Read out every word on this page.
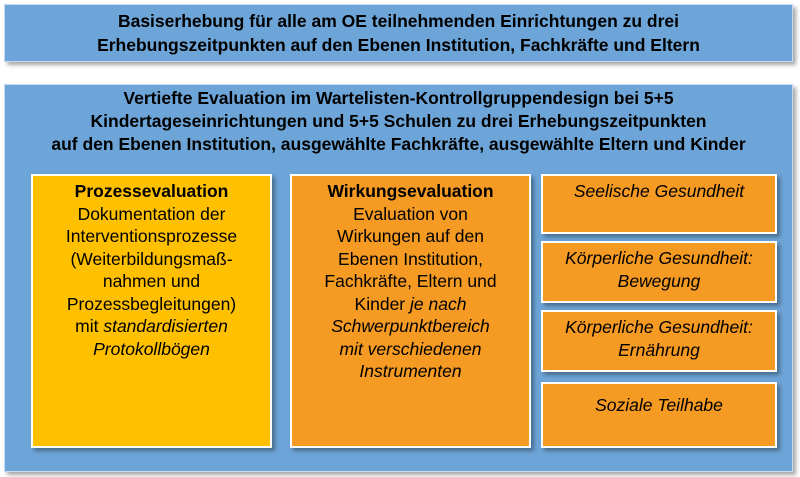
Basiserhebung für alle am OE teilnehmenden Einrichtungen zu drei
Erhebungszeitpunkten auf den Ebenen Institution, Fachkräfte und Eltern
Vertiefte Evaluation im Wartelisten-Kontrollgruppendesign bei 5+5
Kindertageseinrichtungen und 5+5 Schulen zu drei Erhebungszeitpunkten
auf den Ebenen Institution, ausgewählte Fachkräfte, ausgewählte Eltern und Kinder
Prozessevaluation
Dokumentation der
Interventionsprozesse
(Weiterbildungsmaß-
nahmen und
Prozessbegleitungen)
mit standardisierten
Protokollbögen
Wirkungsevaluation
Evaluation von
Wirkungen auf den
Ebenen Institution,
Fachkräfte, Eltern und
Kinder je nach
Schwerpunktbereich
mit verschiedenen
Instrumenten
Seelische Gesundheit
Körperliche Gesundheit:
Bewegung
Körperliche Gesundheit:
Ernährung
Soziale Teilhabe
